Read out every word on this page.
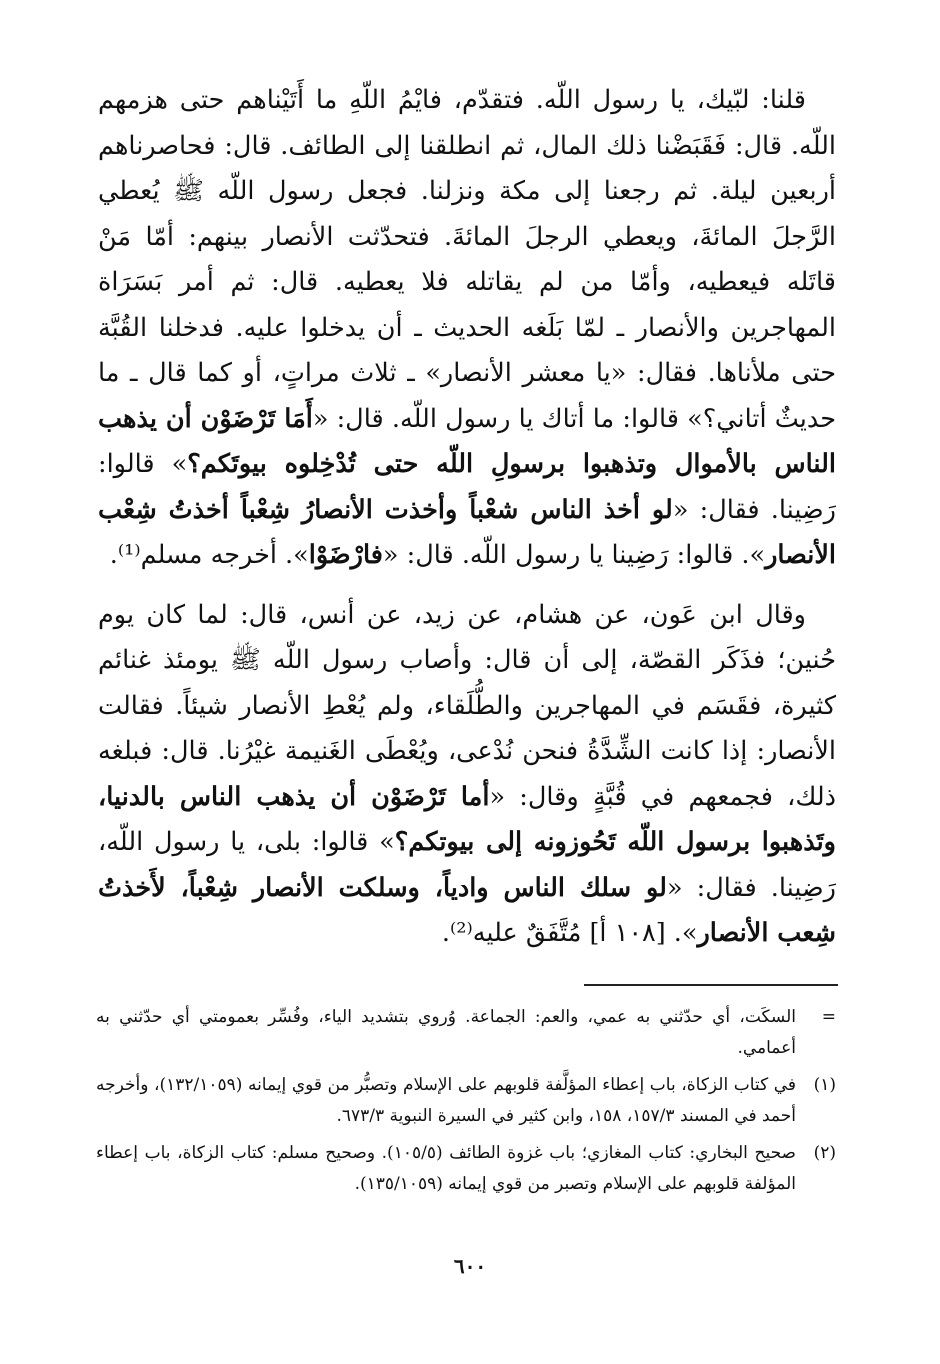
قلنا: لبّيك، يا رسول اللّه. فتقدّم، فايْمُ اللّهِ ما أَتَيْناهم حتى هزمهم اللّه. قال: فَقَبَضْنا ذلك المال، ثم انطلقنا إلى الطائف. قال: فحاصرناهم أربعين ليلة. ثم رجعنا إلى مكة ونزلنا. فجعل رسول اللّه ﷺ يُعطي الرَّجلَ المائةَ، ويعطي الرجلَ المائةَ. فتحدّثت الأنصار بينهم: أمّا مَنْ قاتَله فيعطيه، وأمّا من لم يقاتله فلا يعطيه. قال: ثم أمر بَسَرَاة المهاجرين والأنصار ـ لمّا بَلَغه الحديث ـ أن يدخلوا عليه. فدخلنا القُبَّة حتى ملأناها. فقال: «يا معشر الأنصار» ـ ثلاث مراتٍ، أو كما قال ـ ما حديثٌ أتاني؟» قالوا: ما أتاك يا رسول اللّه. قال: «أَمَا تَرْضَوْن أن يذهب الناس بالأموال وتذهبوا برسولِ اللّه حتى تُدْخِلوه بيوتَكم؟» قالوا: رَضِينا. فقال: «لو أخذ الناس شعْباً وأخذت الأنصارُ شِعْباً أخذتُ شِعْب الأنصار». قالوا: رَضِينا يا رسول اللّه. قال: «فارْضَوْا». أخرجه مسلم⁽¹⁾.

وقال ابن عَون، عن هشام، عن زيد، عن أنس، قال: لما كان يوم حُنين؛ فذَكَر القصّة، إلى أن قال: وأصاب رسول اللّه ﷺ يومئذ غنائم كثيرة، فقَسَم في المهاجرين والطُّلَقاء، ولم يُعْطِ الأنصار شيئاً. فقالت الأنصار: إذا كانت الشِّدَّةُ فنحن نُدْعى، ويُعْطَى الغَنيمة غيْرُنا. قال: فبلغه ذلك، فجمعهم في قُبَّةٍ وقال: «أما تَرْضَوْن أن يذهب الناس بالدنيا، وتَذهبوا برسول اللّه تَحُوزونه إلى بيوتكم؟» قالوا: بلى، يا رسول اللّه، رَضِينا. فقال: «لو سلك الناس وادياً، وسلكت الأنصار شِعْباً، لأَخذتُ شِعب الأنصار». [١٠٨ أ] مُتَّفَقٌ عليه⁽²⁾.

=
السكَت، أي حدّثني به عمي، والعم: الجماعة. وُروي بتشديد الياء، وفُسِّر بعمومتي أي حدّثني به أعمامي.
(١)
في كتاب الزكاة، باب إعطاء المؤلَّفة قلوبهم على الإسلام وتصبُّر من قوي إيمانه (١٣٢/١٠٥٩)، وأخرجه أحمد في المسند ١٥٧/٣، ١٥٨، وابن كثير في السيرة النبوية ٦٧٣/٣.
(٢)
صحيح البخاري: كتاب المغازي؛ باب غزوة الطائف (١٠٥/٥). وصحيح مسلم: كتاب الزكاة، باب إعطاء المؤلفة قلوبهم على الإسلام وتصبر من قوي إيمانه (١٣٥/١٠٥٩).
٦٠٠
